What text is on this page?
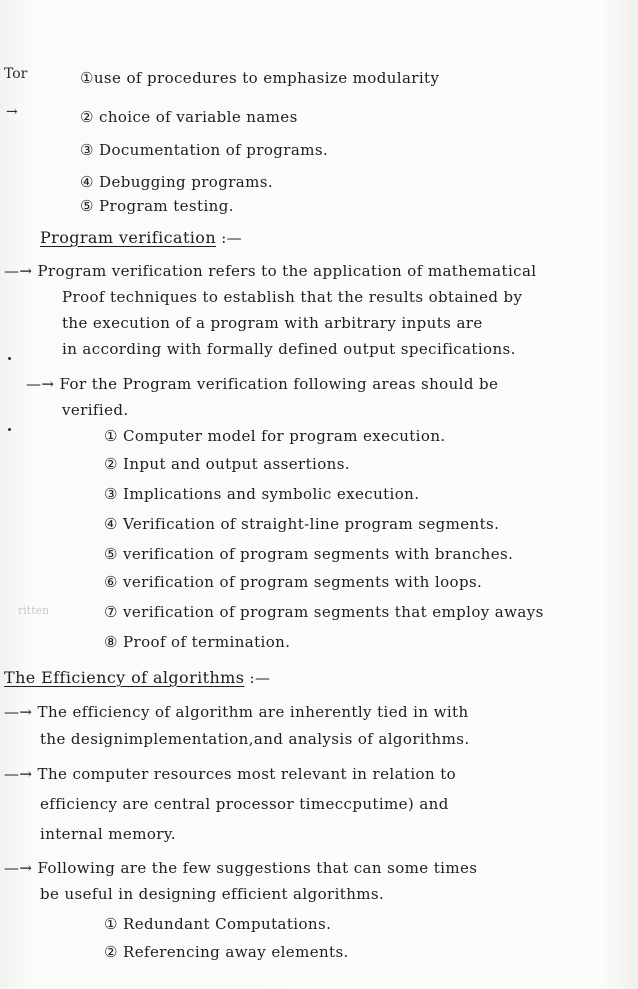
Tor
→
ritten
①use of procedures to emphasize modularity
② choice of variable names
③ Documentation of programs.
④ Debugging programs.
⑤ Program testing.
Program verification :—
—→ Program verification refers to the application of mathematical
Proof techniques to establish that the results obtained by
the execution of a program with arbitrary inputs are
in according with formally defined output specifications.
—→ For the Program verification following areas should be
verified.
① Computer model for program execution.
② Input and output assertions.
③ Implications and symbolic execution.
④ Verification of straight-line program segments.
⑤ verification of program segments with branches.
⑥ verification of program segments with loops.
⑦ verification of program segments that employ aways
⑧ Proof of termination.
The Efficiency of algorithms :—
—→ The efficiency of algorithm are inherently tied in with
the designimplementation,and analysis of algorithms.
—→ The computer resources most relevant in relation to
efficiency are central processor timeccputime) and
internal memory.
—→ Following are the few suggestions that can some times
be useful in designing efficient algorithms.
① Redundant Computations.
② Referencing away elements.
